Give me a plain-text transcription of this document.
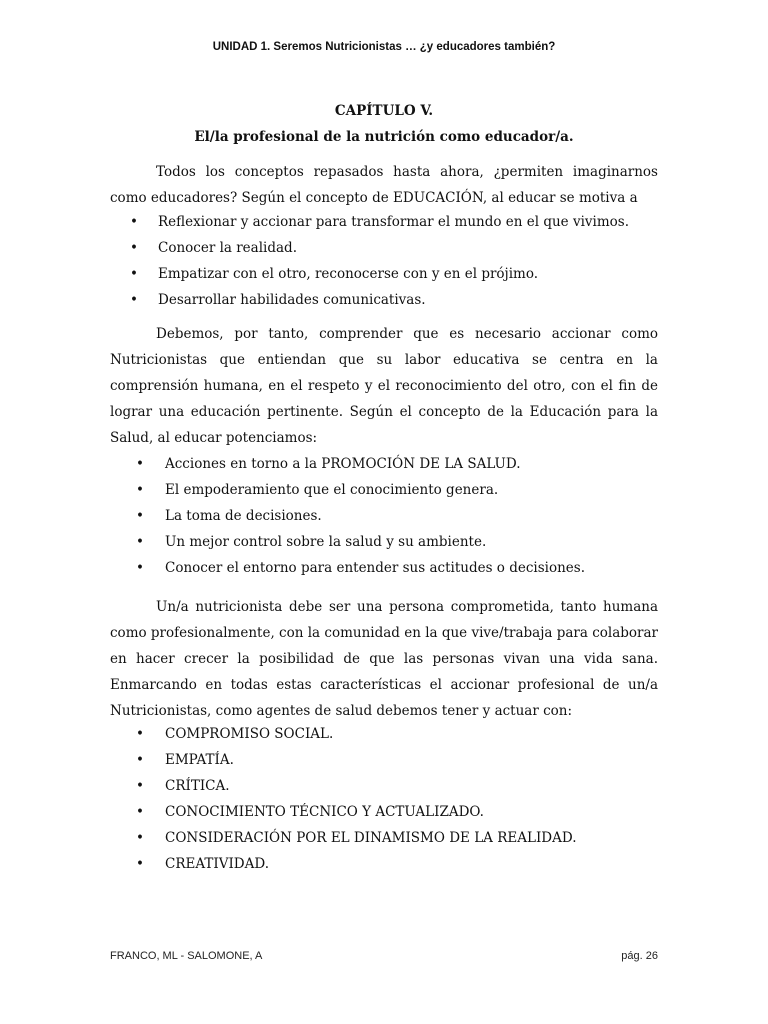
UNIDAD 1. Seremos Nutricionistas … ¿y educadores también?
CAPÍTULO V.
El/la profesional de la nutrición como educador/a.

Todos los conceptos repasados hasta ahora, ¿permiten imaginarnos como educadores? Según el concepto de EDUCACIÓN, al educar se motiva a

• Reflexionar y accionar para transformar el mundo en el que vivimos.
• Conocer la realidad.
• Empatizar con el otro, reconocerse con y en el prójimo.
• Desarrollar habilidades comunicativas.

Debemos, por tanto, comprender que es necesario accionar como Nutricionistas que entiendan que su labor educativa se centra en la comprensión humana, en el respeto y el reconocimiento del otro, con el fin de lograr una educación pertinente. Según el concepto de la Educación para la Salud, al educar potenciamos:

• Acciones en torno a la PROMOCIÓN DE LA SALUD.
• El empoderamiento que el conocimiento genera.
• La toma de decisiones.
• Un mejor control sobre la salud y su ambiente.
• Conocer el entorno para entender sus actitudes o decisiones.

Un/a nutricionista debe ser una persona comprometida, tanto humana como profesionalmente, con la comunidad en la que vive/trabaja para colaborar en hacer crecer la posibilidad de que las personas vivan una vida sana. Enmarcando en todas estas características el accionar profesional de un/a Nutricionistas, como agentes de salud debemos tener y actuar con:

• COMPROMISO SOCIAL.
• EMPATÍA.
• CRÍTICA.
• CONOCIMIENTO TÉCNICO Y ACTUALIZADO.
• CONSIDERACIÓN POR EL DINAMISMO DE LA REALIDAD.
• CREATIVIDAD.
FRANCO, ML - SALOMONE, A	pág. 26
